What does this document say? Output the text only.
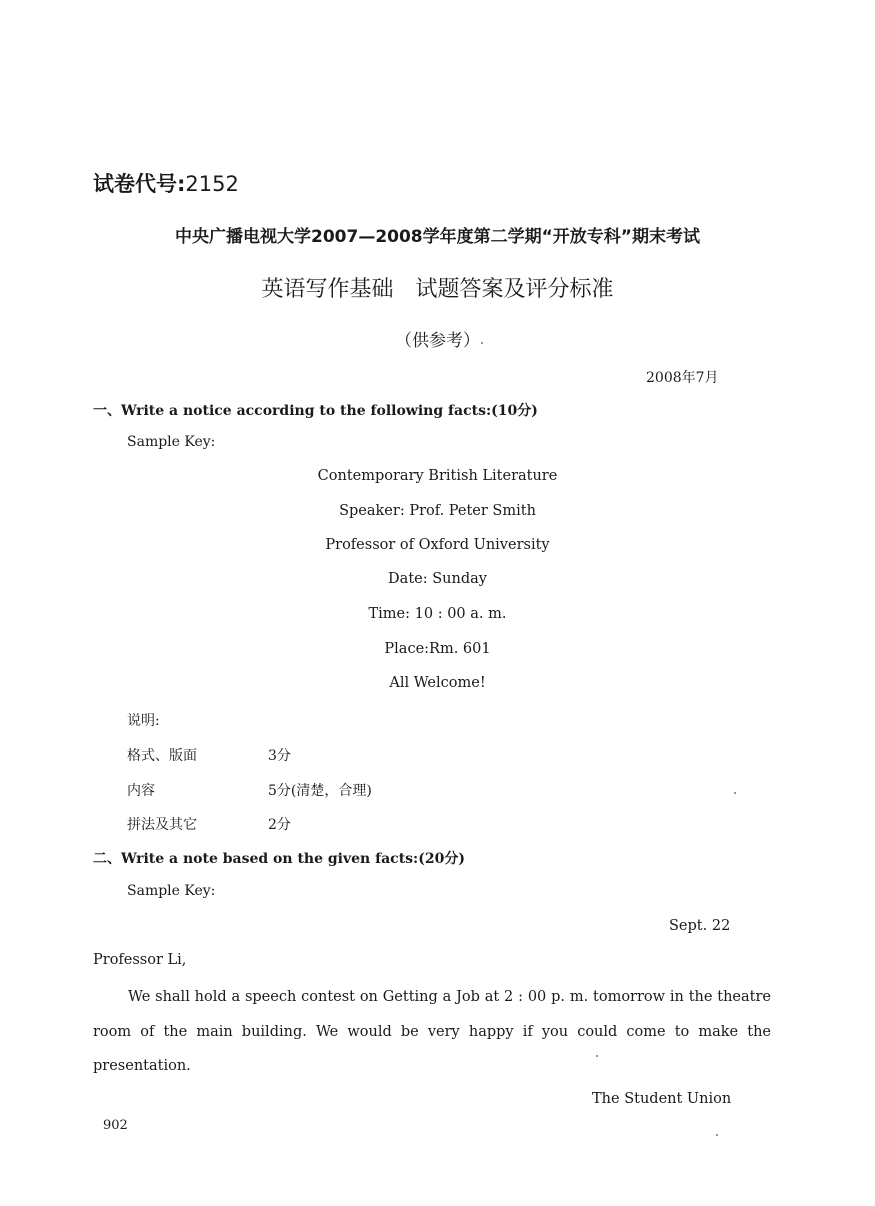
试卷代号:2152
中央广播电视大学2007—2008学年度第二学期“开放专科”期末考试
英语写作基础　试题答案及评分标准
（供参考）
2008年7月
一、Write a notice according to the following facts:(10分)
Sample Key:
Contemporary British Literature
Speaker: Prof. Peter Smith
Professor of Oxford University
Date: Sunday
Time: 10 : 00 a. m.
Place:Rm. 601
All Welcome!
说明:
格式、版面	3分
内容	5分(清楚，合理)
拼法及其它	2分
二、Write a note based on the given facts:(20分)
Sample Key:
Sept. 22
Professor Li,
We shall hold a speech contest on Getting a Job at 2 : 00 p. m. tomorrow in the theatre room of the main building. We would be very happy if you could come to make the presentation.
The Student Union
902
